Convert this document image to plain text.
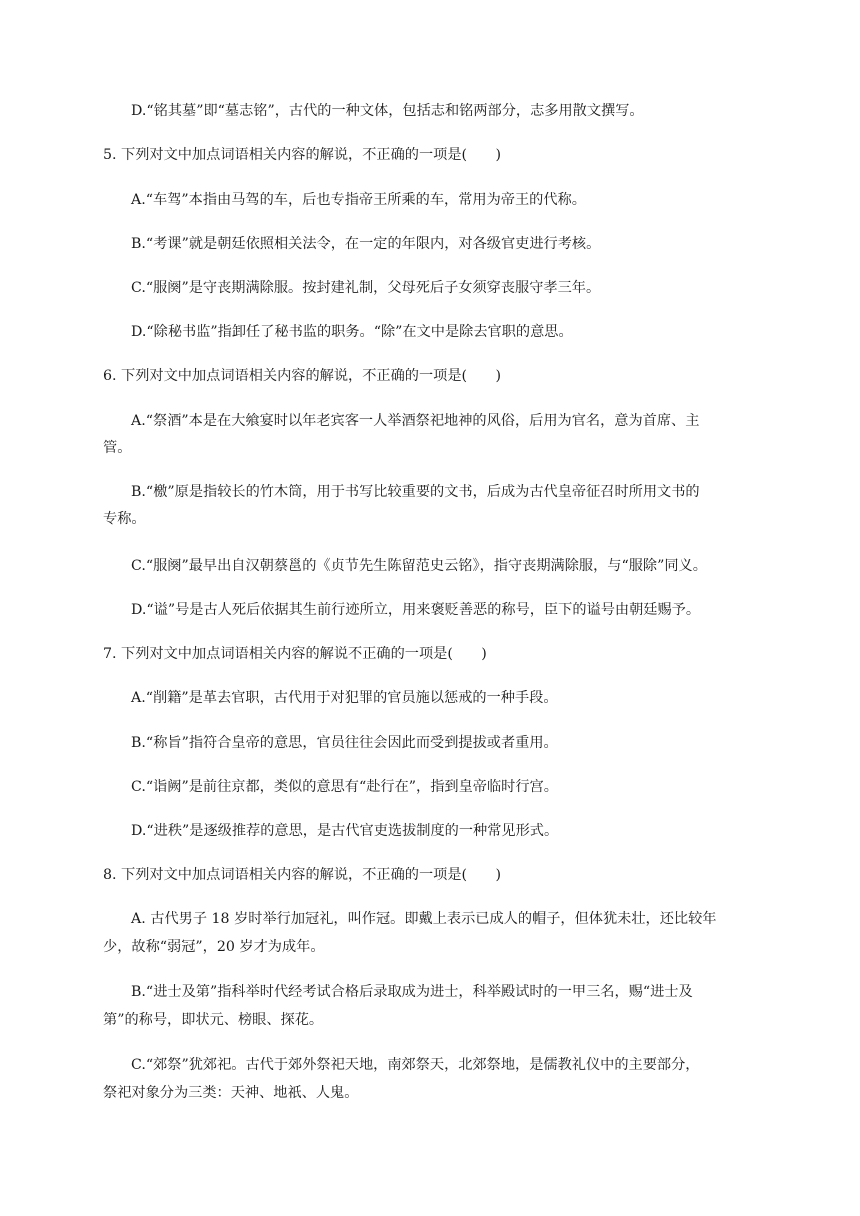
D.“铭其墓”即“墓志铭”，古代的一种文体，包括志和铭两部分，志多用散文撰写。
5. 下列对文中加点词语相关内容的解说，不正确的一项是(　　)
A.“车驾”本指由马驾的车，后也专指帝王所乘的车，常用为帝王的代称。
B.“考课”就是朝廷依照相关法令，在一定的年限内，对各级官吏进行考核。
C.“服阕”是守丧期满除服。按封建礼制，父母死后子女须穿丧服守孝三年。
D.“除秘书监”指卸任了秘书监的职务。“除”在文中是除去官职的意思。
6. 下列对文中加点词语相关内容的解说，不正确的一项是(　　)
A.“祭酒”本是在大飨宴时以年老宾客一人举酒祭祀地神的风俗，后用为官名，意为首席、主
管。
B.“檄”原是指较长的竹木筒，用于书写比较重要的文书，后成为古代皇帝征召时所用文书的
专称。
C.“服阕”最早出自汉朝蔡邕的《贞节先生陈留范史云铭》，指守丧期满除服，与“服除”同义。
D.“谥”号是古人死后依据其生前行迹所立，用来褒贬善恶的称号，臣下的谥号由朝廷赐予。
7. 下列对文中加点词语相关内容的解说不正确的一项是(　　)
A.“削籍”是革去官职，古代用于对犯罪的官员施以惩戒的一种手段。
B.“称旨”指符合皇帝的意思，官员往往会因此而受到提拔或者重用。
C.“诣阙”是前往京都，类似的意思有“赴行在”，指到皇帝临时行宫。
D.“进秩”是逐级推荐的意思，是古代官吏选拔制度的一种常见形式。
8. 下列对文中加点词语相关内容的解说，不正确的一项是(　　)
A. 古代男子 18 岁时举行加冠礼，叫作冠。即戴上表示已成人的帽子，但体犹未壮，还比较年
少，故称“弱冠”，20 岁才为成年。
B.“进士及第”指科举时代经考试合格后录取成为进士，科举殿试时的一甲三名，赐“进士及
第”的称号，即状元、榜眼、探花。
C.“郊祭”犹郊祀。古代于郊外祭祀天地，南郊祭天，北郊祭地，是儒教礼仪中的主要部分，
祭祀对象分为三类：天神、地祇、人鬼。
